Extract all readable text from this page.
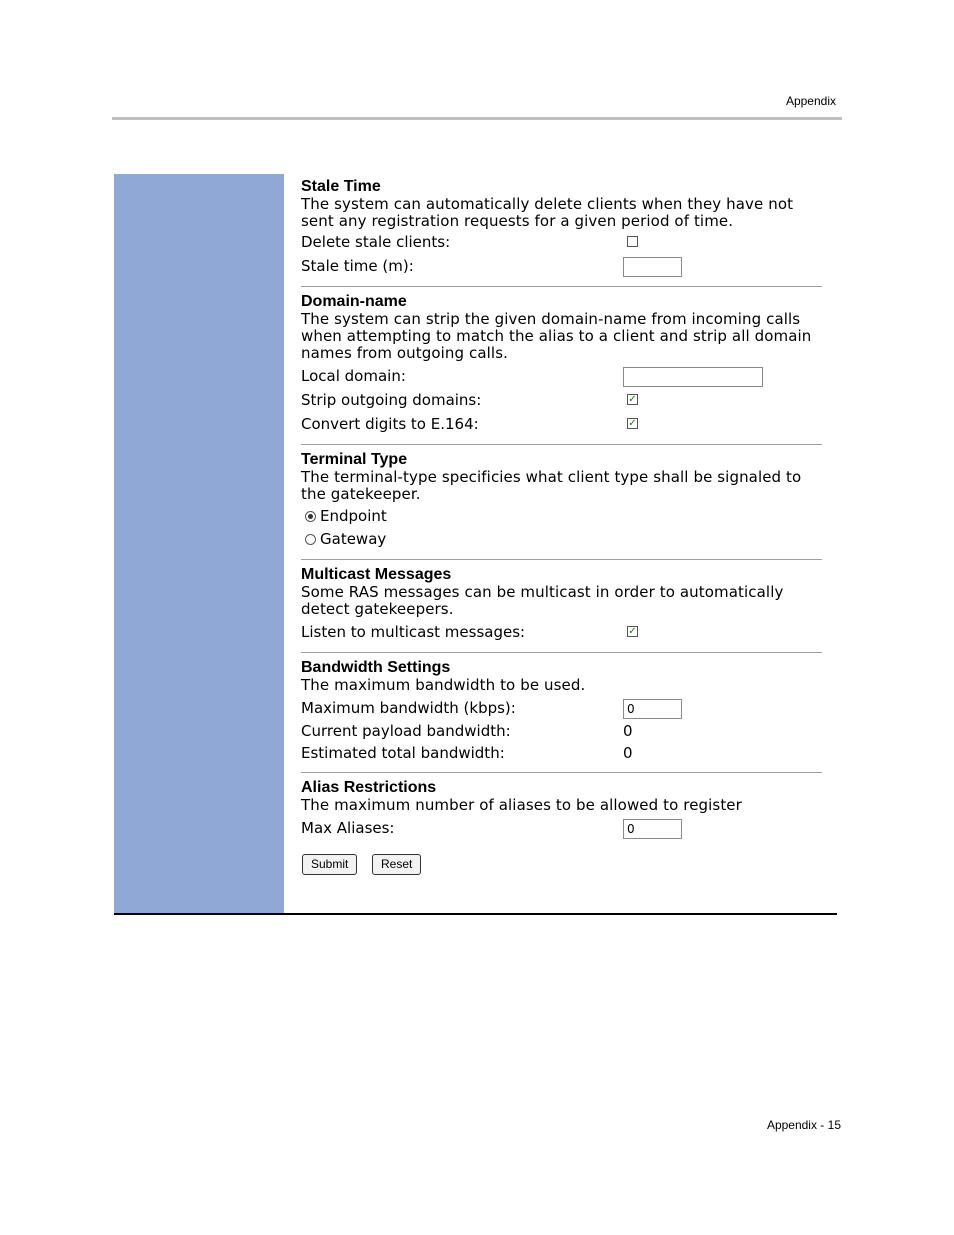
Appendix
Stale Time
The system can automatically delete clients when they have not sent any registration requests for a given period of time.
Delete stale clients:
Stale time (m):
Domain-name
The system can strip the given domain-name from incoming calls when attempting to match the alias to a client and strip all domain names from outgoing calls.
Local domain:
Strip outgoing domains:	✓
Convert digits to E.164:	✓
Terminal Type
The terminal-type specificies what client type shall be signaled to the gatekeeper.
Endpoint
Gateway
Multicast Messages
Some RAS messages can be multicast in order to automatically detect gatekeepers.
Listen to multicast messages:	✓
Bandwidth Settings
The maximum bandwidth to be used.
Maximum bandwidth (kbps):
0
Current payload bandwidth:	0
Estimated total bandwidth:	0
Alias Restrictions
The maximum number of aliases to be allowed to register
Max Aliases:
0
Submit	Reset
Appendix - 15
